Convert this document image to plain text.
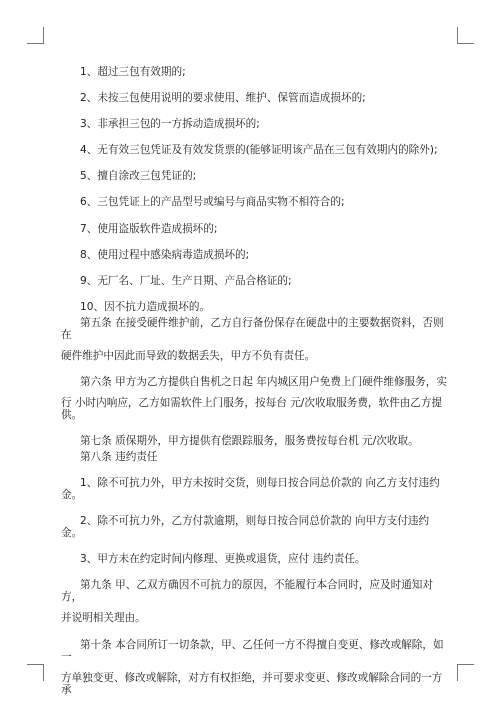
1、超过三包有效期的;

2、未按三包使用说明的要求使用、维护、保管而造成损坏的;

3、非承担三包的一方拆动造成损坏的;

4、无有效三包凭证及有效发货票的(能够证明该产品在三包有效期内的除外);

5、擅自涂改三包凭证的;

6、三包凭证上的产品型号或编号与商品实物不相符合的;

7、使用盗版软件造成损坏的;

8、使用过程中感染病毒造成损坏的;

9、无厂名、厂址、生产日期、产品合格证的;

10、因不抗力造成损坏的。

第五条 在接受硬件维护前，乙方自行备份保存在硬盘中的主要数据资料，否则在
硬件维护中因此而导致的数据丢失，甲方不负有责任。

第六条 甲方为乙方提供自售机之日起 年内城区用户免费上门硬件维修服务，实
行 小时内响应，乙方如需软件上门服务，按每台 元/次收取服务费，软件由乙方提供。

第七条 质保期外，甲方提供有偿跟踪服务，服务费按每台机 元/次收取。

第八条 违约责任

1、除不可抗力外，甲方未按时交货，则每日按合同总价款的 向乙方支付违约金。

2、除不可抗力外，乙方付款逾期，则每日按合同总价款的 向甲方支付违约金。

3、甲方未在约定时间内修理、更换或退货，应付 违约责任。

第九条 甲、乙双方确因不可抗力的原因，不能履行本合同时，应及时通知对方，
并说明相关理由。

第十条 本合同所订一切条款，甲、乙任何一方不得擅自变更、修改或解除，如一
方单独变更、修改或解除，对方有权拒绝，并可要求变更、修改或解除合同的一方承
